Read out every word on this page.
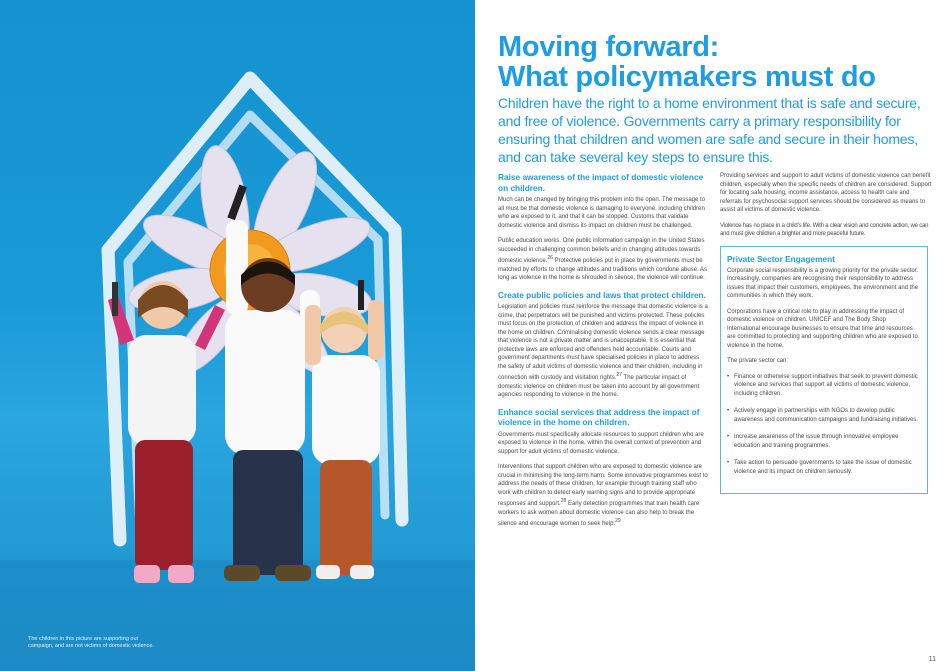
The children in this picture are supporting our campaign, and are not victims of domestic violence.
Moving forward:
What policymakers must do

Children have the right to a home environment that is safe and secure, and free of violence. Governments carry a primary responsibility for ensuring that children and women are safe and secure in their homes, and can take several key steps to ensure this.

Raise awareness of the impact of domestic violence on children.

Much can be changed by bringing this problem into the open. The message to all must be that domestic violence is damaging to everyone, including children who are exposed to it, and that it can be stopped. Customs that validate domestic violence and dismiss its impact on children must be challenged.

Public education works. One public information campaign in the United States succeeded in challenging common beliefs and in changing attitudes towards domestic violence.$^{26}$ Protective policies put in place by governments must be matched by efforts to change attitudes and traditions which condone abuse. As long as violence in the home is shrouded in silence, the violence will continue.

Create public policies and laws that protect children.

Legislation and policies must reinforce the message that domestic violence is a crime, that perpetrators will be punished and victims protected. These policies must focus on the protection of children and address the impact of violence in the home on children. Criminalising domestic violence sends a clear message that violence is not a private matter and is unacceptable. It is essential that protective laws are enforced and offenders held accountable. Courts and government departments must have specialised policies in place to address the safety of adult victims of domestic violence and their children, including in connection with custody and visitation rights.$^{27}$ The particular impact of domestic violence on children must be taken into account by all government agencies responding to violence in the home.

Enhance social services that address the impact of violence in the home on children.

Governments must specifically allocate resources to support children who are exposed to violence in the home, within the overall context of prevention and support for adult victims of domestic violence.

Interventions that support children who are exposed to domestic violence are crucial in minimising the long-term harm. Some innovative programmes exist to address the needs of these children, for example through training staff who work with children to detect early warning signs and to provide appropriate responses and support.$^{28}$ Early detection programmes that train health care workers to ask women about domestic violence can also help to break the silence and encourage women to seek help.$^{29}$

Providing services and support to adult victims of domestic violence can benefit children, especially when the specific needs of children are considered. Support for locating safe housing, income assistance, access to health care and referrals for psychosocial support services should be considered as means to assist all victims of domestic violence.

Violence has no place in a child’s life. With a clear vision and concrete action, we can and must give children a brighter and more peaceful future.

Private Sector Engagement

Corporate social responsibility is a growing priority for the private sector. Increasingly, companies are recognising their responsibility to address issues that impact their customers, employees, the environment and the communities in which they work.

Corporations have a critical role to play in addressing the impact of domestic violence on children. UNICEF and The Body Shop International encourage businesses to ensure that time and resources are committed to protecting and supporting children who are exposed to violence in the home.

The private sector can:

• Finance or otherwise support initiatives that seek to prevent domestic violence and services that support all victims of domestic violence, including children.
• Actively engage in partnerships with NGOs to develop public awareness and communication campaigns and fundraising initiatives.
• Increase awareness of the issue through innovative employee education and training programmes.
• Take action to persuade governments to take the issue of domestic violence and its impact on children seriously.
11
